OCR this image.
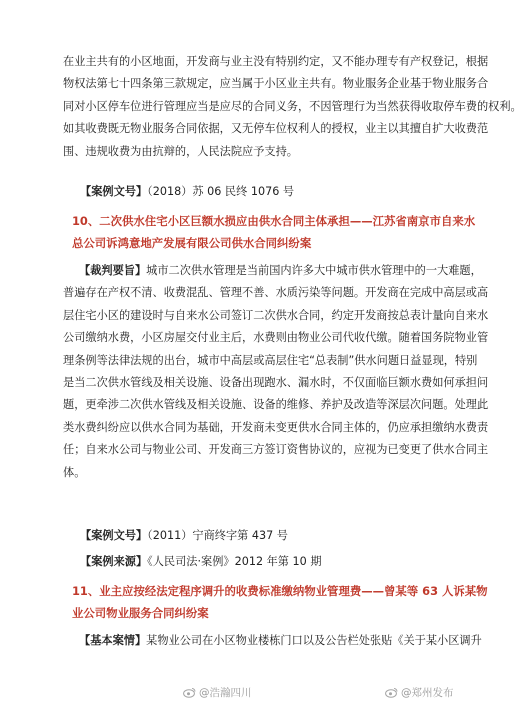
在业主共有的小区地面，开发商与业主没有特别约定，又不能办理专有产权登记，根据
物权法第七十四条第三款规定，应当属于小区业主共有。物业服务企业基于物业服务合
同对小区停车位进行管理应当是应尽的合同义务，不因管理行为当然获得收取停车费的权利。
如其收费既无物业服务合同依据，又无停车位权利人的授权，业主以其擅自扩大收费范
围、违规收费为由抗辩的，人民法院应予支持。

【案例文号】（2018）苏 06 民终 1076 号

10、二次供水住宅小区巨额水损应由供水合同主体承担——江苏省南京市自来水
总公司诉鸿意地产发展有限公司供水合同纠纷案
【裁判要旨】城市二次供水管理是当前国内许多大中城市供水管理中的一大难题，
普遍存在产权不清、收费混乱、管理不善、水质污染等问题。开发商在完成中高层或高
层住宅小区的建设时与自来水公司签订二次供水合同，约定开发商按总表计量向自来水
公司缴纳水费，小区房屋交付业主后，水费则由物业公司代收代缴。随着国务院物业管
理条例等法律法规的出台，城市中高层或高层住宅“总表制”供水问题日益显现，特别
是当二次供水管线及相关设施、设备出现跑水、漏水时，不仅面临巨额水费如何承担问
题，更牵涉二次供水管线及相关设施、设备的维修、养护及改造等深层次问题。处理此
类水费纠纷应以供水合同为基础，开发商未变更供水合同主体的，仍应承担缴纳水费责
任；自来水公司与物业公司、开发商三方签订资售协议的，应视为已变更了供水合同主
体。

【案例文号】（2011）宁商终字第 437 号

【案例来源】《人民司法·案例》2012 年第 10 期

11、业主应按经法定程序调升的收费标准缴纳物业管理费——曾某等 63 人诉某物
业公司物业服务合同纠纷案
【基本案情】某物业公司在小区物业楼栋门口以及公告栏处张贴《关于某小区调升
@浩瀚四川	@郑州发布
